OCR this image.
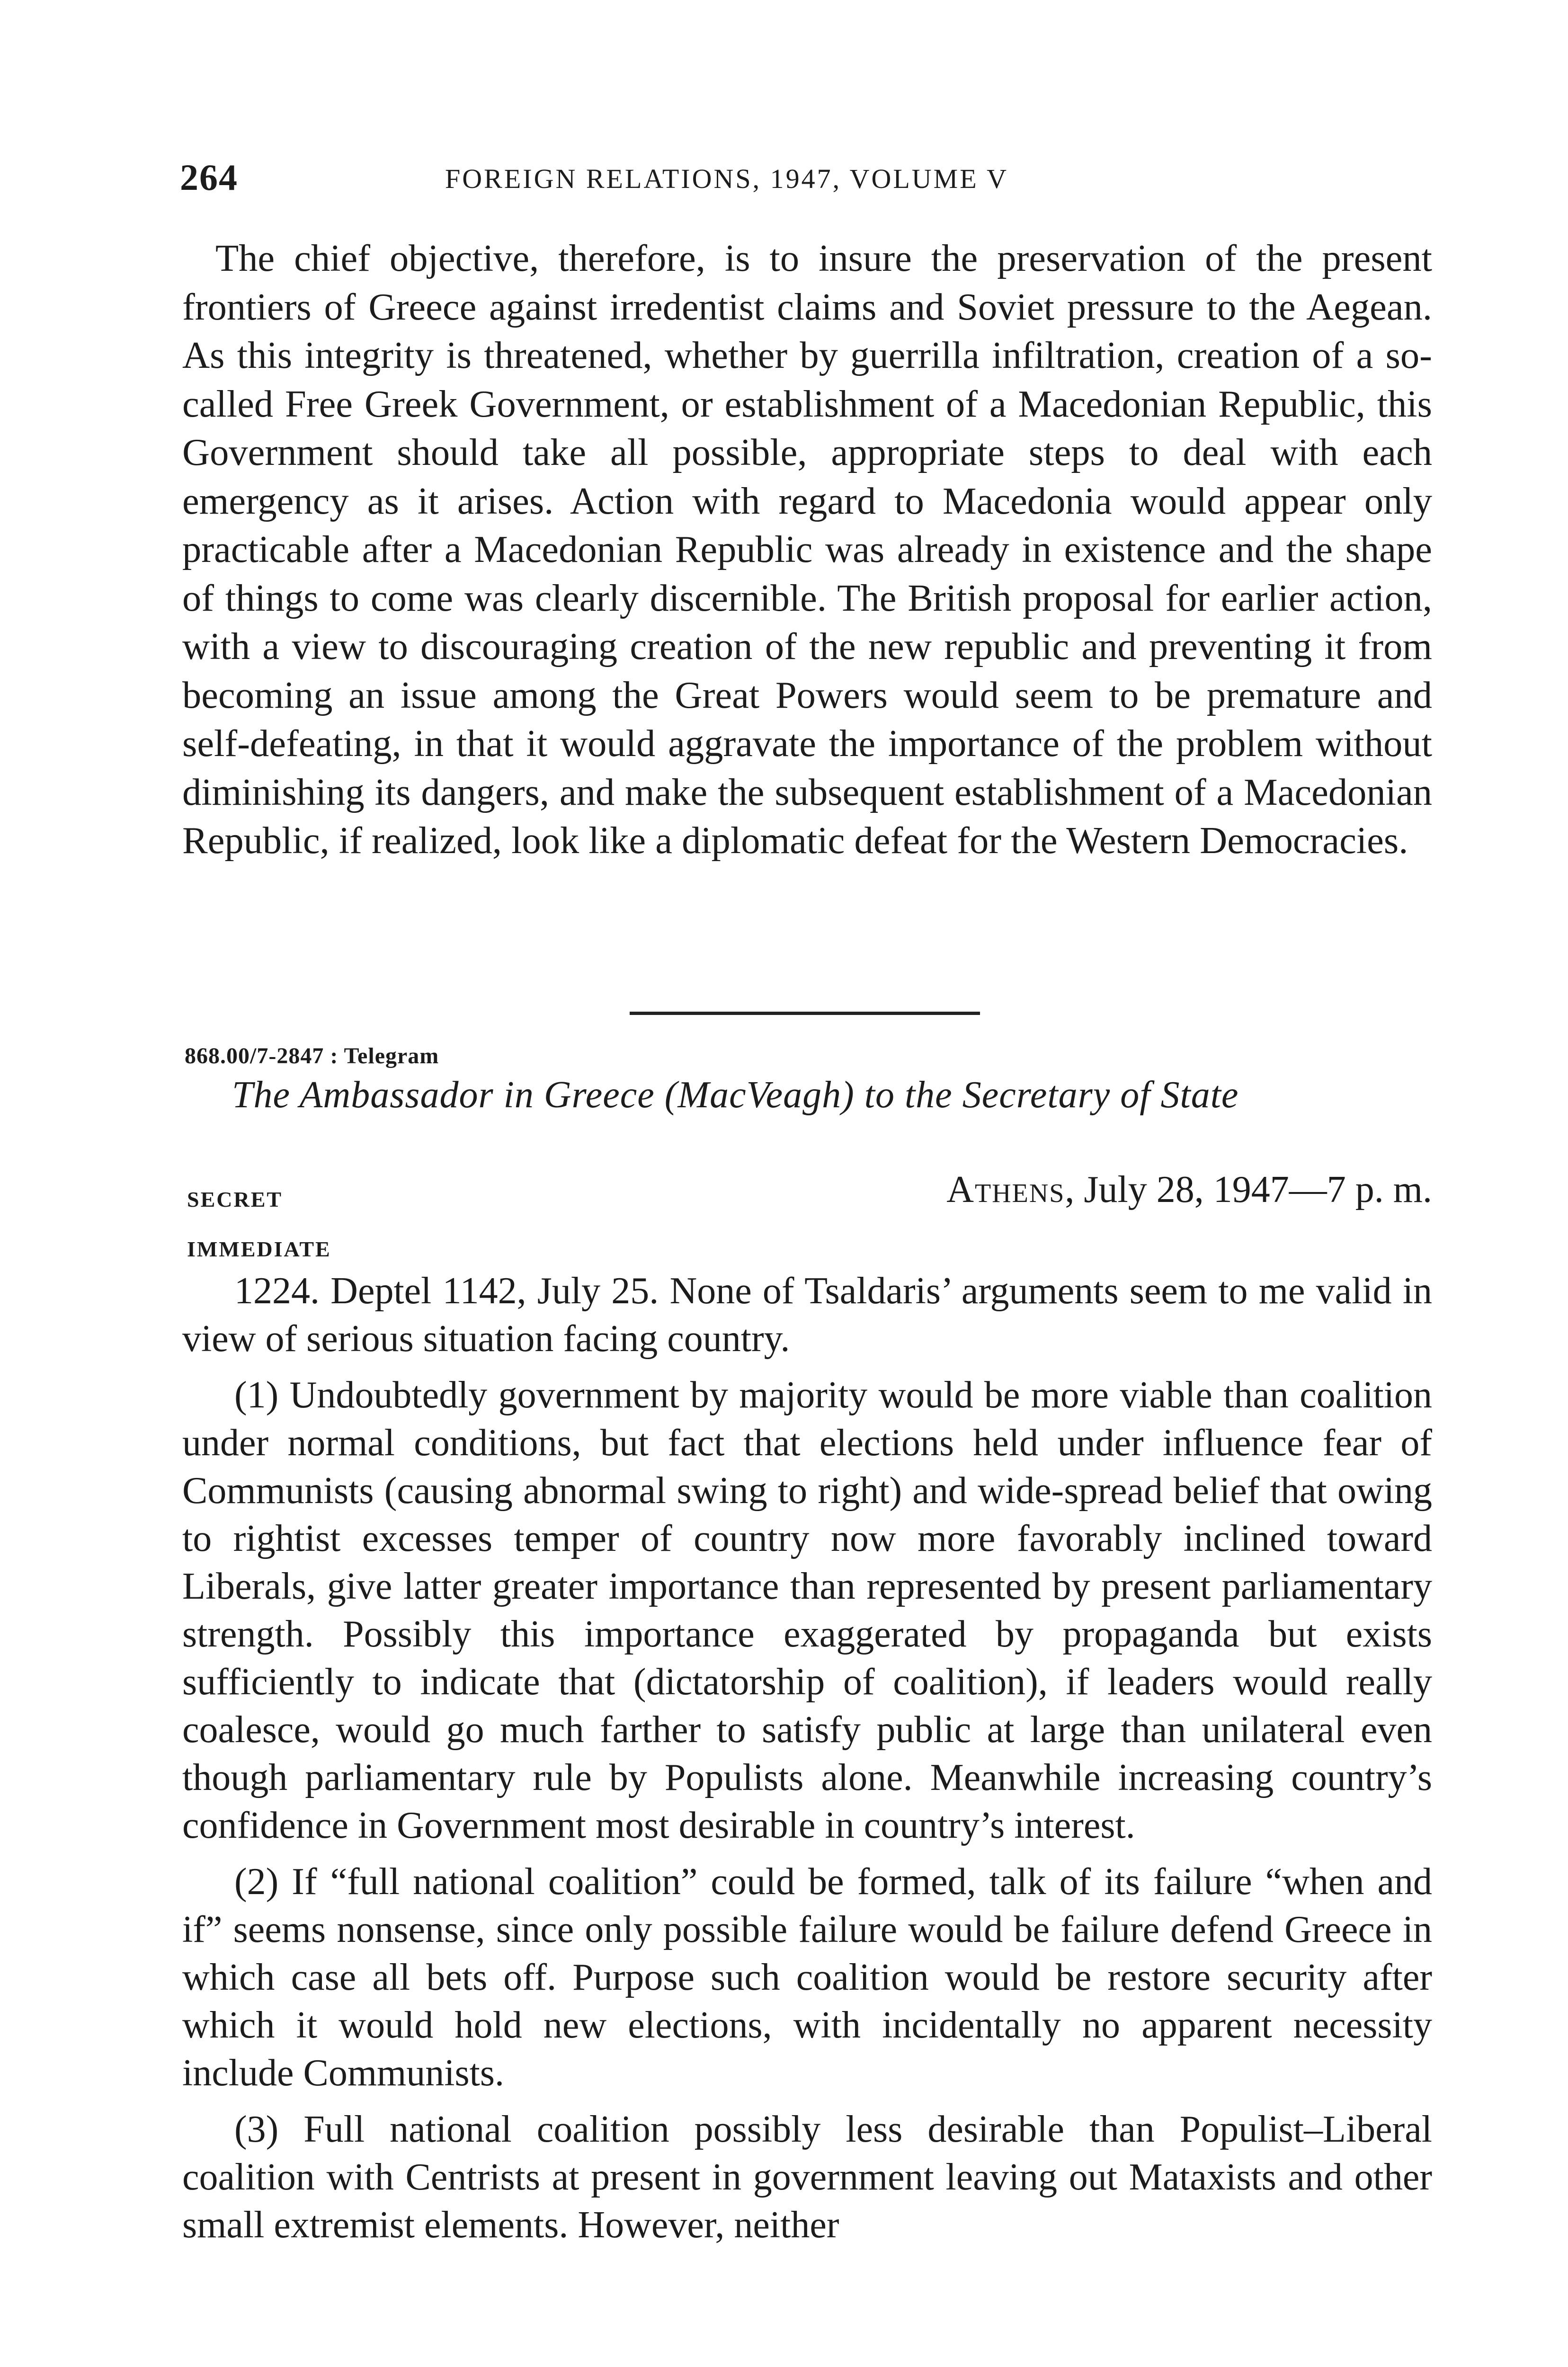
264	FOREIGN RELATIONS, 1947, VOLUME V

The chief objective, therefore, is to insure the preservation of the present frontiers of Greece against irredentist claims and Soviet pressure to the Aegean. As this integrity is threatened, whether by guerrilla infiltration, creation of a so-called Free Greek Government, or establishment of a Macedonian Republic, this Government should take all possible, appropriate steps to deal with each emergency as it arises. Action with regard to Macedonia would appear only practicable after a Macedonian Republic was already in existence and the shape of things to come was clearly discernible. The British proposal for earlier action, with a view to discouraging creation of the new republic and preventing it from becoming an issue among the Great Powers would seem to be premature and self-defeating, in that it would aggravate the importance of the problem without diminishing its dangers, and make the subsequent establishment of a Macedonian Republic, if realized, look like a diplomatic defeat for the Western Democracies.

868.00/7-2847 : Telegram
The Ambassador in Greece (MacVeagh) to the Secretary of State
SECRET	Athens, July 28, 1947—7 p. m.
IMMEDIATE

1224. Deptel 1142, July 25. None of Tsaldaris’ arguments seem to me valid in view of serious situation facing country.

(1) Undoubtedly government by majority would be more viable than coalition under normal conditions, but fact that elections held under influence fear of Communists (causing abnormal swing to right) and wide-spread belief that owing to rightist excesses temper of country now more favorably inclined toward Liberals, give latter greater importance than represented by present parliamentary strength. Possibly this importance exaggerated by propaganda but exists sufficiently to indicate that (dictatorship of coalition), if leaders would really coalesce, would go much farther to satisfy public at large than unilateral even though parliamentary rule by Populists alone. Meanwhile increasing country’s confidence in Government most desirable in country’s interest.

(2) If “full national coalition” could be formed, talk of its failure “when and if” seems nonsense, since only possible failure would be failure defend Greece in which case all bets off. Purpose such coalition would be restore security after which it would hold new elections, with incidentally no apparent necessity include Communists.

(3) Full national coalition possibly less desirable than Populist–Liberal coalition with Centrists at present in government leaving out Mataxists and other small extremist elements. However, neither
